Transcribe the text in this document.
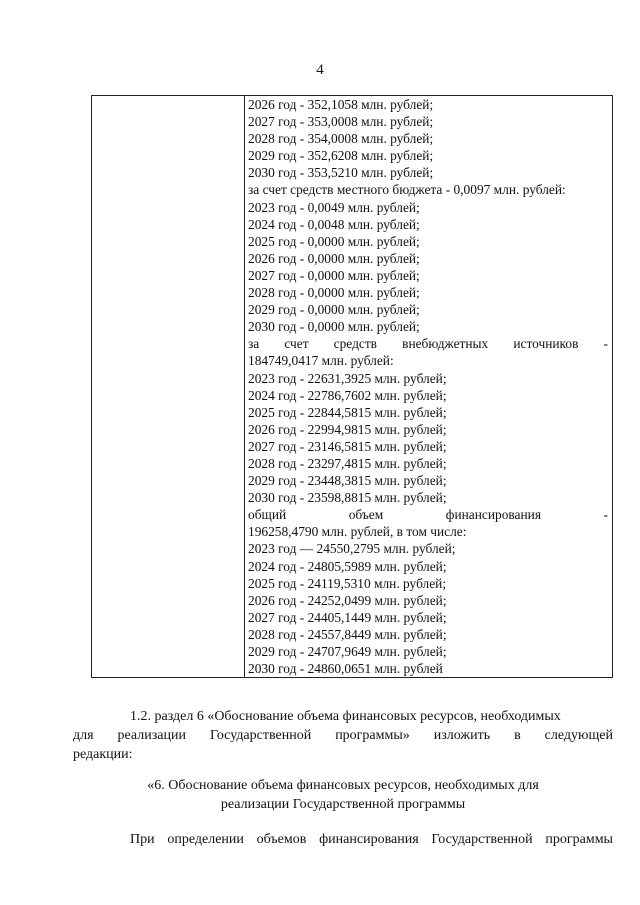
4

2026 год - 352,1058 млн. рублей;
2027 год - 353,0008 млн. рублей;
2028 год - 354,0008 млн. рублей;
2029 год - 352,6208 млн. рублей;
2030 год - 353,5210 млн. рублей;
за счет средств местного бюджета - 0,0097 млн. рублей:
2023 год - 0,0049 млн. рублей;
2024 год - 0,0048 млн. рублей;
2025 год - 0,0000 млн. рублей;
2026 год - 0,0000 млн. рублей;
2027 год - 0,0000 млн. рублей;
2028 год - 0,0000 млн. рублей;
2029 год - 0,0000 млн. рублей;
2030 год - 0,0000 млн. рублей;
за счет средств внебюджетных источников -
184749,0417 млн. рублей:
2023 год - 22631,3925 млн. рублей;
2024 год - 22786,7602 млн. рублей;
2025 год - 22844,5815 млн. рублей;
2026 год - 22994,9815 млн. рублей;
2027 год - 23146,5815 млн. рублей;
2028 год - 23297,4815 млн. рублей;
2029 год - 23448,3815 млн. рублей;
2030 год - 23598,8815 млн. рублей;
общий	объем	финансирования	-
196258,4790 млн. рублей, в том числе:
2023 год — 24550,2795 млн. рублей;
2024 год - 24805,5989 млн. рублей;
2025 год - 24119,5310 млн. рублей;
2026 год - 24252,0499 млн. рублей;
2027 год - 24405,1449 млн. рублей;
2028 год - 24557,8449 млн. рублей;
2029 год - 24707,9649 млн. рублей;
2030 год - 24860,0651 млн. рублей
1.2. раздел 6 «Обоснование объема финансовых ресурсов, необходимых
для реализации Государственной программы» изложить в следующей
редакции:
«6. Обоснование объема финансовых ресурсов, необходимых для
реализации Государственной программы
При определении объемов финансирования Государственной программы
